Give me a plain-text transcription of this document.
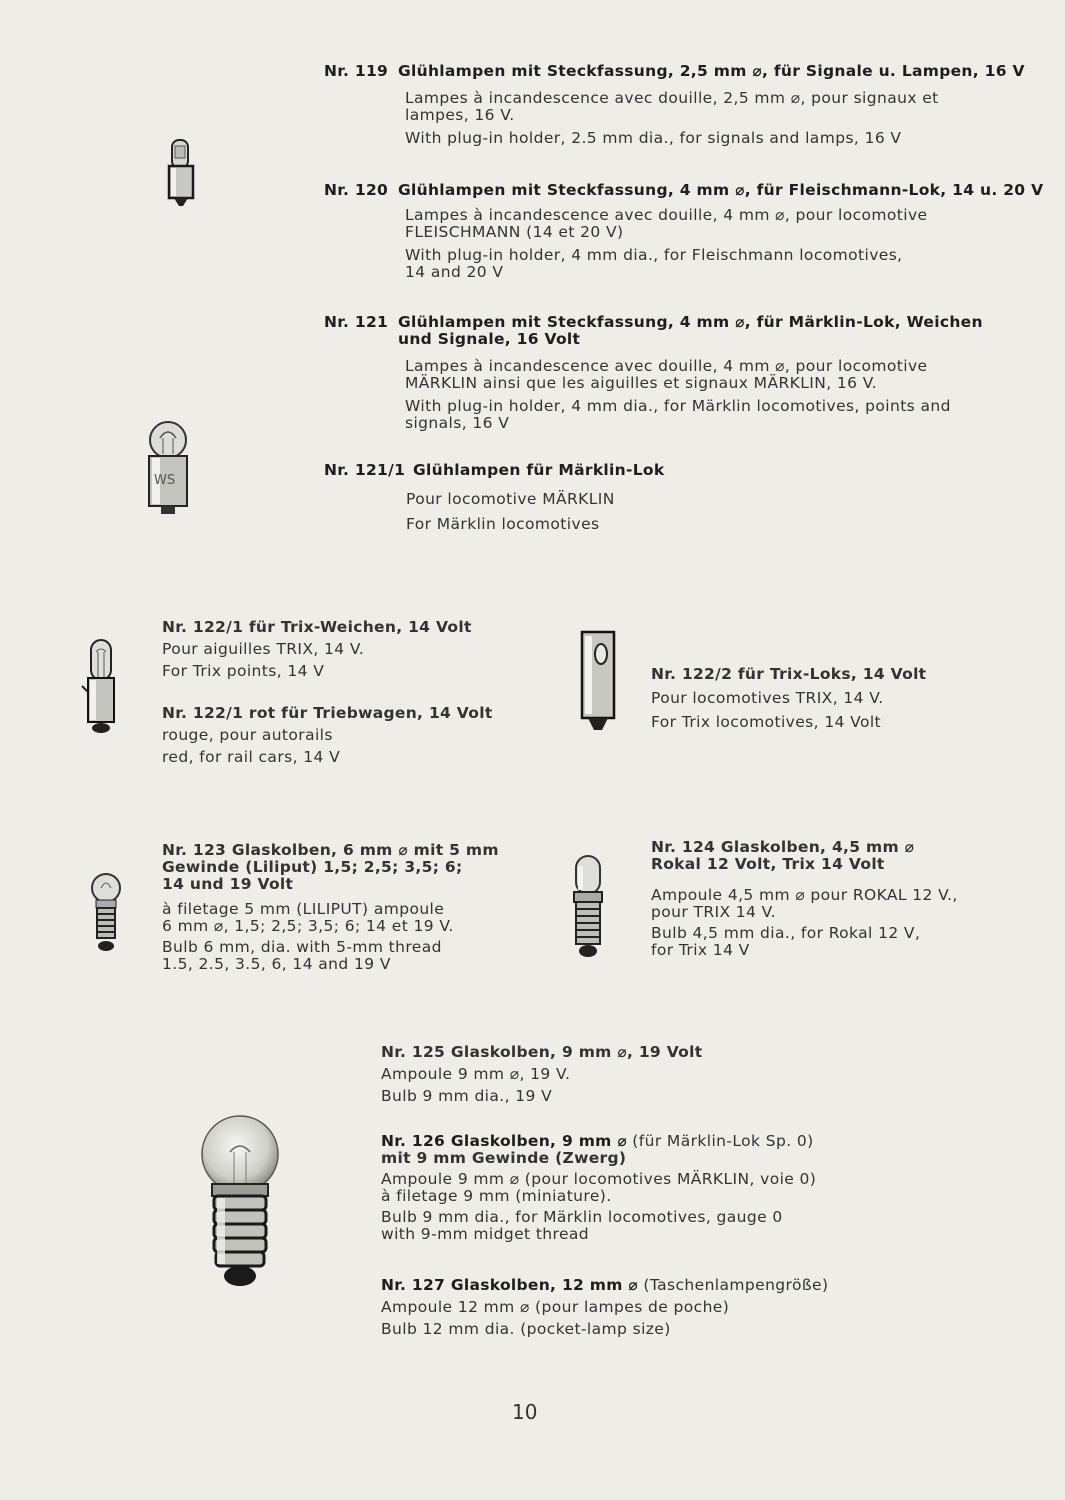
WS
Nr. 119 Glühlampen mit Steckfassung, 2,5 mm ⌀, für Signale u. Lampen, 16 V
Lampes à incandescence avec douille, 2,5 mm ⌀, pour signaux et
lampes, 16 V.
With plug-in holder, 2.5 mm dia., for signals and lamps, 16 V
Nr. 120 Glühlampen mit Steckfassung, 4 mm ⌀, für Fleischmann-Lok, 14 u. 20 V
Lampes à incandescence avec douille, 4 mm ⌀, pour locomotive
FLEISCHMANN (14 et 20 V)
With plug-in holder, 4 mm dia., for Fleischmann locomotives,
14 and 20 V
Nr. 121 Glühlampen mit Steckfassung, 4 mm ⌀, für Märklin-Lok, Weichen
und Signale, 16 Volt
Lampes à incandescence avec douille, 4 mm ⌀, pour locomotive
MÄRKLIN ainsi que les aiguilles et signaux MÄRKLIN, 16 V.
With plug-in holder, 4 mm dia., for Märklin locomotives, points and
signals, 16 V
Nr. 121/1 Glühlampen für Märklin-Lok
Pour locomotive MÄRKLIN
For Märklin locomotives
Nr. 122/1 für Trix-Weichen, 14 Volt
Pour aiguilles TRIX, 14 V.
For Trix points, 14 V
Nr. 122/1 rot für Triebwagen, 14 Volt
rouge, pour autorails
red, for rail cars, 14 V
Nr. 122/2 für Trix-Loks, 14 Volt
Pour locomotives TRIX, 14 V.
For Trix locomotives, 14 Volt
Nr. 123 Glaskolben, 6 mm ⌀ mit 5 mm
Gewinde (Liliput) 1,5; 2,5; 3,5; 6;
14 und 19 Volt
à filetage 5 mm (LILIPUT) ampoule
6 mm ⌀, 1,5; 2,5; 3,5; 6; 14 et 19 V.
Bulb 6 mm, dia. with 5-mm thread
1.5, 2.5, 3.5, 6, 14 and 19 V
Nr. 124 Glaskolben, 4,5 mm ⌀
Rokal 12 Volt, Trix 14 Volt
Ampoule 4,5 mm ⌀ pour ROKAL 12 V.,
pour TRIX 14 V.
Bulb 4,5 mm dia., for Rokal 12 V,
for Trix 14 V
Nr. 125 Glaskolben, 9 mm ⌀, 19 Volt
Ampoule 9 mm ⌀, 19 V.
Bulb 9 mm dia., 19 V
Nr. 126 Glaskolben, 9 mm ⌀ (für Märklin-Lok Sp. 0)
mit 9 mm Gewinde (Zwerg)
Ampoule 9 mm ⌀ (pour locomotives MÄRKLIN, voie 0)
à filetage 9 mm (miniature).
Bulb 9 mm dia., for Märklin locomotives, gauge 0
with 9-mm midget thread
Nr. 127 Glaskolben, 12 mm ⌀ (Taschenlampengröße)
Ampoule 12 mm ⌀ (pour lampes de poche)
Bulb 12 mm dia. (pocket-lamp size)
10
